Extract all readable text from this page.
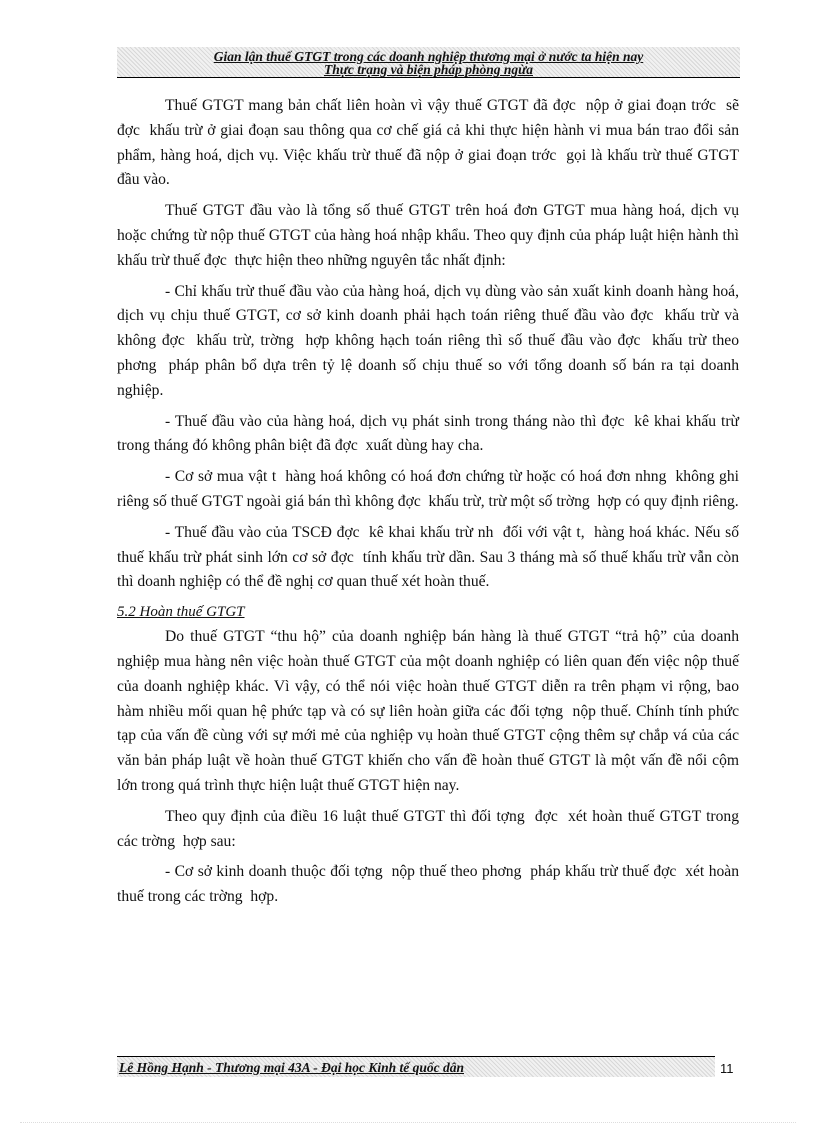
Gian lận thuế GTGT trong các doanh nghiệp thương mại ở nước ta hiện nay
Thực trạng và biện pháp phòng ngừa

Thuế GTGT mang bản chất liên hoàn vì vậy thuế GTGT đã đợc  nộp ở giai đoạn trớc  sẽ đợc  khấu trừ ở giai đoạn sau thông qua cơ chế giá cả khi thực hiện hành vi mua bán trao đổi sản phẩm, hàng hoá, dịch vụ. Việc khấu trừ thuế đã nộp ở giai đoạn trớc  gọi là khấu trừ thuế GTGT đầu vào.

Thuế GTGT đầu vào là tổng số thuế GTGT trên hoá đơn GTGT mua hàng hoá, dịch vụ hoặc chứng từ nộp thuế GTGT của hàng hoá nhập khẩu. Theo quy định của pháp luật hiện hành thì khấu trừ thuế đợc  thực hiện theo những nguyên tắc nhất định:

- Chỉ khấu trừ thuế đầu vào của hàng hoá, dịch vụ dùng vào sản xuất kinh doanh hàng hoá, dịch vụ chịu thuế GTGT, cơ sở kinh doanh phải hạch toán riêng thuế đầu vào đợc  khấu trừ và không đợc  khấu trừ, trờng  hợp không hạch toán riêng thì số thuế đầu vào đợc  khấu trừ theo phơng  pháp phân bổ dựa trên tỷ lệ doanh số chịu thuế so với tổng doanh số bán ra tại doanh nghiệp.

- Thuế đầu vào của hàng hoá, dịch vụ phát sinh trong tháng nào thì đợc  kê khai khấu trừ trong tháng đó không phân biệt đã đợc  xuất dùng hay cha.

- Cơ sở mua vật t  hàng hoá không có hoá đơn chứng từ hoặc có hoá đơn nhng  không ghi riêng số thuế GTGT ngoài giá bán thì không đợc  khấu trừ, trừ một số trờng  hợp có quy định riêng.

- Thuế đầu vào của TSCĐ đợc  kê khai khấu trừ nh  đối với vật t,  hàng hoá khác. Nếu số thuế khấu trừ phát sinh lớn cơ sở đợc  tính khấu trừ dần. Sau 3 tháng mà số thuế khấu trừ vẫn còn thì doanh nghiệp có thể đề nghị cơ quan thuế xét hoàn thuế.

5.2 Hoàn thuế GTGT

Do thuế GTGT “thu hộ” của doanh nghiệp bán hàng là thuế GTGT “trả hộ” của doanh nghiệp mua hàng nên việc hoàn thuế GTGT của một doanh nghiệp có liên quan đến việc nộp thuế của doanh nghiệp khác. Vì vậy, có thể nói việc hoàn thuế GTGT diễn ra trên phạm vi rộng, bao hàm nhiều mối quan hệ phức tạp và có sự liên hoàn giữa các đối tợng  nộp thuế. Chính tính phức tạp của vấn đề cùng với sự mới mẻ của nghiệp vụ hoàn thuế GTGT cộng thêm sự chắp vá của các văn bản pháp luật về hoàn thuế GTGT khiến cho vấn đề hoàn thuế GTGT là một vấn đề nổi cộm lớn trong quá trình thực hiện luật thuế GTGT hiện nay.

Theo quy định của điều 16 luật thuế GTGT thì đối tợng  đợc  xét hoàn thuế GTGT trong các trờng  hợp sau:

- Cơ sở kinh doanh thuộc đối tợng  nộp thuế theo phơng  pháp khấu trừ thuế đợc  xét hoàn thuế trong các trờng  hợp.

Lê Hồng Hạnh - Thương mại 43A - Đại học Kinh tế quốc dân	11
